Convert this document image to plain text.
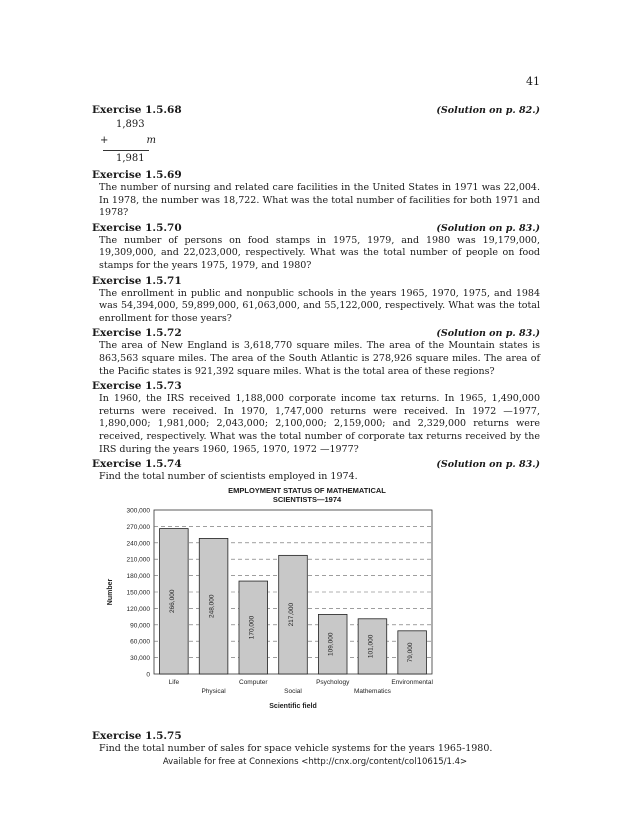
41
Exercise 1.5.68	(Solution on p. 82.)
1,893
+	m
1,981
Exercise 1.5.69
The number of nursing and related care facilities in the United States in 1971 was 22,004. In 1978, the number was 18,722. What was the total number of facilities for both 1971 and 1978?
Exercise 1.5.70	(Solution on p. 83.)
The number of persons on food stamps in 1975, 1979, and 1980 was 19,179,000, 19,309,000, and 22,023,000, respectively. What was the total number of people on food stamps for the years 1975, 1979, and 1980?
Exercise 1.5.71
The enrollment in public and nonpublic schools in the years 1965, 1970, 1975, and 1984 was 54,394,000, 59,899,000, 61,063,000, and 55,122,000, respectively. What was the total enrollment for those years?
Exercise 1.5.72	(Solution on p. 83.)
The area of New England is 3,618,770 square miles. The area of the Mountain states is 863,563 square miles. The area of the South Atlantic is 278,926 square miles. The area of the Pacific states is 921,392 square miles. What is the total area of these regions?
Exercise 1.5.73
In 1960, the IRS received 1,188,000 corporate income tax returns. In 1965, 1,490,000 returns were received. In 1970, 1,747,000 returns were received. In 1972 —1977, 1,890,000; 1,981,000; 2,043,000; 2,100,000; 2,159,000; and 2,329,000 returns were received, respectively. What was the total number of corporate tax returns received by the IRS during the years 1960, 1965, 1970, 1972 —1977?
Exercise 1.5.74	(Solution on p. 83.)
Find the total number of scientists employed in 1974.
EMPLOYMENT STATUS OF MATHEMATICAL
SCIENTISTS—1974
0
30,000
60,000
90,000
120,000
150,000
180,000
210,000
240,000
270,000
300,000
Number	266,000
Life
248,000
Physical
170,000
Computer
217,000
Social
109,000
Psychology
101,000
Mathematics
79,000
Environmental
Scientific field
Exercise 1.5.75
Find the total number of sales for space vehicle systems for the years 1965-1980.
Available for free at Connexions <http://cnx.org/content/col10615/1.4>
